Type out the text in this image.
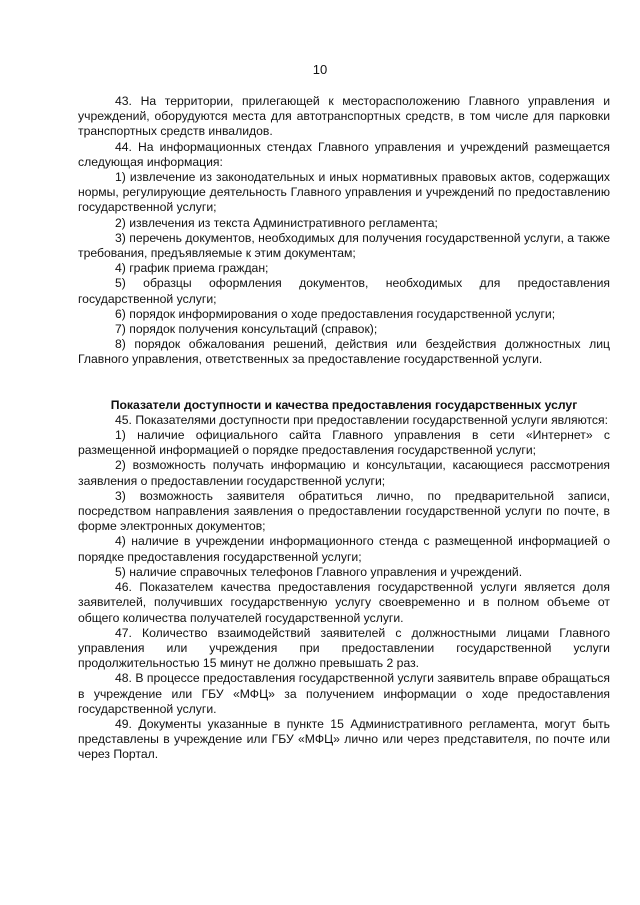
10

43. На территории, прилегающей к месторасположению Главного управления и учреждений, оборудуются места для автотранспортных средств, в том числе для парковки транспортных средств инвалидов.

44. На информационных стендах Главного управления и учреждений размещается следующая информация:

1) извлечение из законодательных и иных нормативных правовых актов, содержащих нормы, регулирующие деятельность Главного управления и учреждений по предоставлению государственной услуги;

2) извлечения из текста Административного регламента;

3) перечень документов, необходимых для получения государственной услуги, а также требования, предъявляемые к этим документам;

4) график приема граждан;

5) образцы оформления документов, необходимых для предоставления государственной услуги;

6) порядок информирования о ходе предоставления государственной услуги;

7) порядок получения консультаций (справок);

8) порядок обжалования решений, действия или бездействия должностных лиц Главного управления, ответственных за предоставление государственной услуги.

Показатели доступности и качества предоставления государственных услуг

45. Показателями доступности при предоставлении государственной услуги являются:

1) наличие официального сайта Главного управления в сети «Интернет» с размещенной информацией о порядке предоставления государственной услуги;

2) возможность получать информацию и консультации, касающиеся рассмотрения заявления о предоставлении государственной услуги;

3) возможность заявителя обратиться лично, по предварительной записи, посредством направления заявления о предоставлении государственной услуги по почте, в форме электронных документов;

4) наличие в учреждении информационного стенда с размещенной информацией о порядке предоставления государственной услуги;

5) наличие справочных телефонов Главного управления и учреждений.

46. Показателем качества предоставления государственной услуги является доля заявителей, получивших государственную услугу своевременно и в полном объеме от общего количества получателей государственной услуги.

47. Количество взаимодействий заявителей с должностными лицами Главного управления или учреждения при предоставлении государственной услуги продолжительностью 15 минут не должно превышать 2 раз.

48. В процессе предоставления государственной услуги заявитель вправе обращаться в учреждение или ГБУ «МФЦ» за получением информации о ходе предоставления государственной услуги.

49. Документы указанные в пункте 15 Административного регламента, могут быть представлены в учреждение или ГБУ «МФЦ» лично или через представителя, по почте или через Портал.
